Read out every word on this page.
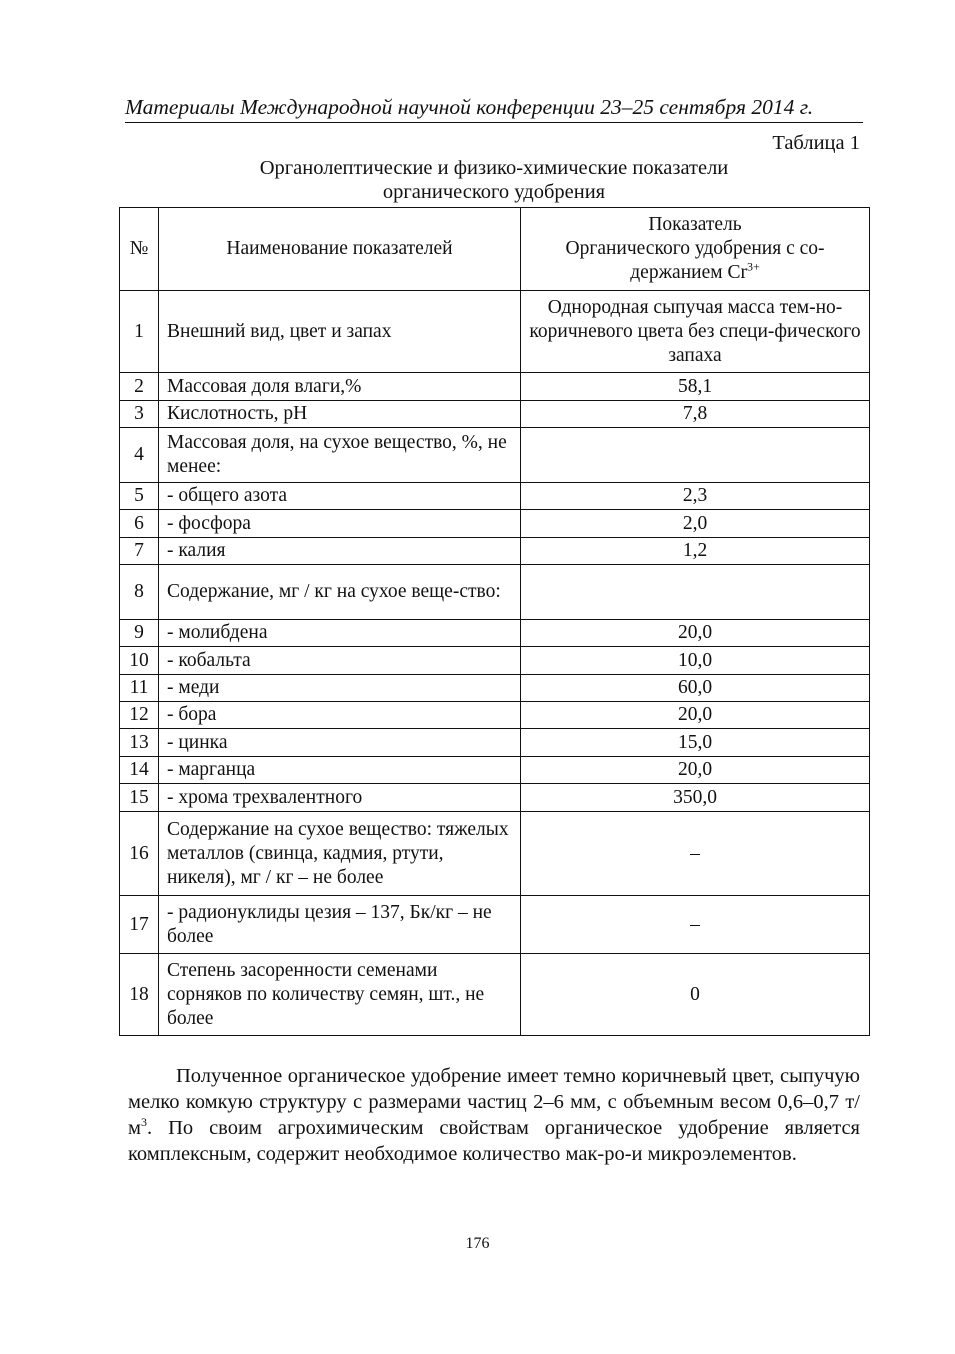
Материалы Международной научной конференции 23–25 сентября 2014 г.
Таблица 1
Органолептические и физико-химические показатели
органического удобрения
№	Наименование показателей	Показатель
Органического удобрения с со-
держанием $Cr^{3+}$

1	Внешний вид, цвет и запах	Однородная сыпучая масса тем-но-коричневого цвета без специ-фического запаха
2	Массовая доля влаги,%	58,1
3	Кислотность, pH	7,8
4	Массовая доля, на сухое вещество, %, не менее:	
5	- общего азота	2,3
6	- фосфора	2,0
7	- калия	1,2
8	Содержание, мг / кг на сухое веще-ство:	
9	- молибдена	20,0
10	- кобальта	10,0
11	- меди	60,0
12	- бора	20,0
13	- цинка	15,0
14	- марганца	20,0
15	- хрома трехвалентного	350,0
16	Содержание на сухое вещество: тяжелых металлов (свинца, кадмия, ртути, никеля), мг / кг – не более	–
17	- радионуклиды цезия – 137, Бк/кг – не более	–
18	Степень засоренности семенами сорняков по количеству семян, шт., не более	0

Полученное органическое удобрение имеет темно коричневый цвет, сыпучую мелко комкую структуру с размерами частиц 2–6 мм, с объемным весом 0,6–0,7 $т/м^3$. По своим агрохимическим свойствам органическое удобрение является комплексным, содержит необходимое количество мак-ро-и микроэлементов.

176
